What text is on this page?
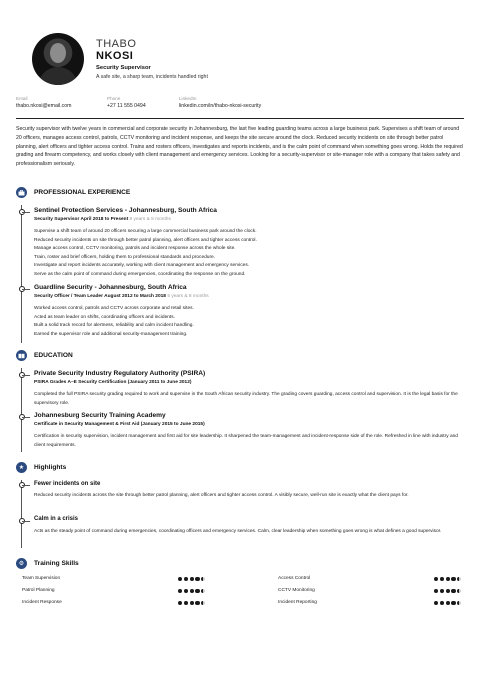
THABO
NKOSI
Security Supervisor
A safe site, a sharp team, incidents handled right
Email
thabo.nkosi@email.com
Phone
+27 11 555 0494
LinkedIn
linkedin.com/in/thabo-nkosi-security
Security supervisor with twelve years in commercial and corporate security in Johannesburg, the last five leading guarding teams across a large business park. Supervises a shift team of around 20 officers, manages access control, patrols, CCTV monitoring and incident response, and keeps the site secure around the clock. Reduced security incidents on site through better patrol planning, alert officers and tighter access control. Trains and rosters officers, investigates and reports incidents, and is the calm point of command when something goes wrong. Holds the required grading and firearm competency, and works closely with client management and emergency services. Looking for a security-supervisor or site-manager role with a company that takes safety and professionalism seriously.
PROFESSIONAL EXPERIENCE
Sentinel Protection Services - Johannesburg, South Africa
Security Supervisor April 2018 to Present 8 years & 5 months
Supervise a shift team of around 20 officers securing a large commercial business park around the clock.
Reduced security incidents on site through better patrol planning, alert officers and tighter access control.
Manage access control, CCTV monitoring, patrols and incident response across the whole site.
Train, roster and brief officers, holding them to professional standards and procedure.
Investigate and report incidents accurately, working with client management and emergency services.
Serve as the calm point of command during emergencies, coordinating the response on the ground.
Guardline Security - Johannesburg, South Africa
Security Officer / Team Leader August 2012 to March 2018 5 years & 8 months
Worked access control, patrols and CCTV across corporate and retail sites.
Acted as team leader on shifts, coordinating officers and incidents.
Built a solid track record for alertness, reliability and calm incident handling.
Earned the supervisor role and additional security-management training.
EDUCATION
Private Security Industry Regulatory Authority (PSIRA)
PSIRA Grades A–E Security Certification (January 2011 to June 2012)
Completed the full PSIRA security grading required to work and supervise in the South African security industry. The grading covers guarding, access control and supervision. It is the legal basis for the supervisory role.
Johannesburg Security Training Academy
Certificate in Security Management & First Aid (January 2015 to June 2015)
Certification in security supervision, incident management and first aid for site leadership. It sharpened the team-management and incident-response side of the role. Refreshed in line with industry and client requirements.
★ Highlights
Fewer incidents on site
Reduced security incidents across the site through better patrol planning, alert officers and tighter access control. A visibly secure, well-run site is exactly what the client pays for.
Calm in a crisis
Acts as the steady point of command during emergencies, coordinating officers and emergency services. Calm, clear leadership when something goes wrong is what defines a good supervisor.
⚙ Training Skills
Team Supervision	Access Control
Patrol Planning	CCTV Monitoring
Incident Response	Incident Reporting
